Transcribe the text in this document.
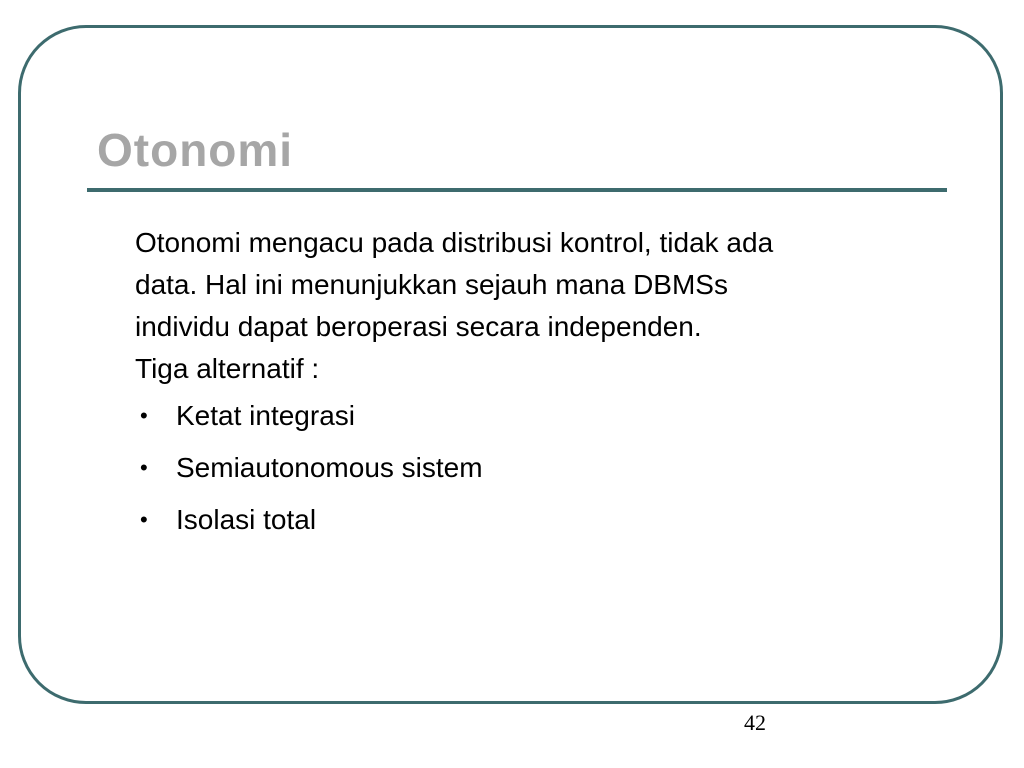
Otonomi

Otonomi mengacu pada distribusi kontrol, tidak ada
data. Hal ini menunjukkan sejauh mana DBMSs
individu dapat beroperasi secara independen.
Tiga alternatif :

• Ketat integrasi
• Semiautonomous sistem
• Isolasi total
42
